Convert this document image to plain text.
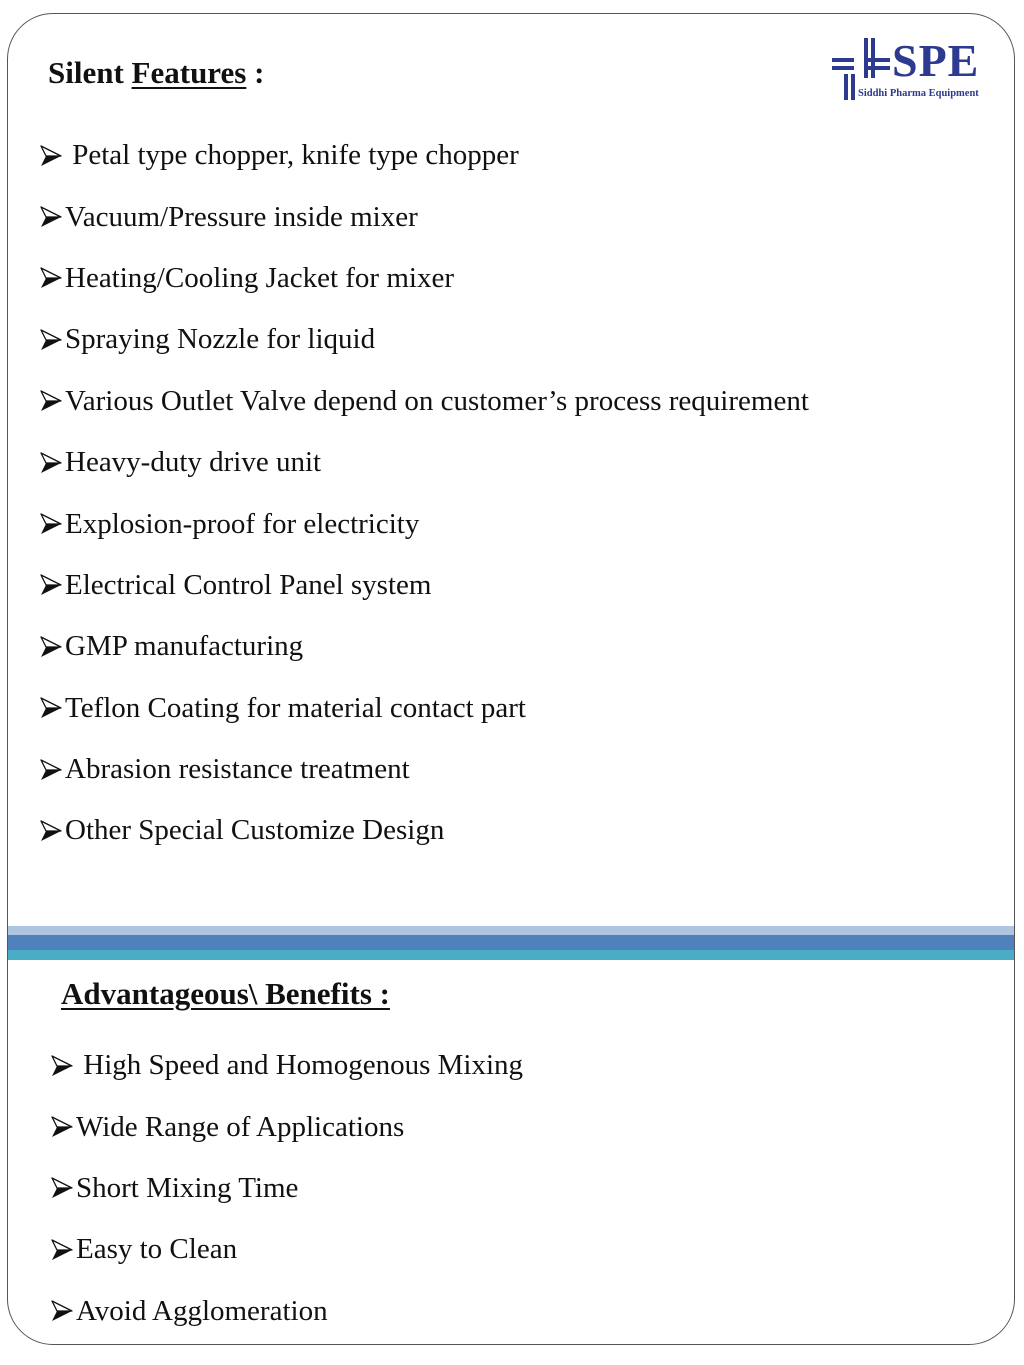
Silent Features :	SPE
Siddhi Pharma Equipment
Petal type chopper, knife type chopper
Vacuum/Pressure inside mixer
Heating/Cooling Jacket for mixer
Spraying Nozzle for liquid
Various Outlet Valve depend on customer’s process requirement
Heavy-duty drive unit
Explosion-proof for electricity
Electrical Control Panel system
GMP manufacturing
Teflon Coating for material contact part
Abrasion resistance treatment
Other Special Customize Design
Advantageous\ Benefits :
High Speed and Homogenous Mixing
Wide Range of Applications
Short Mixing Time
Easy to Clean
Avoid Agglomeration
